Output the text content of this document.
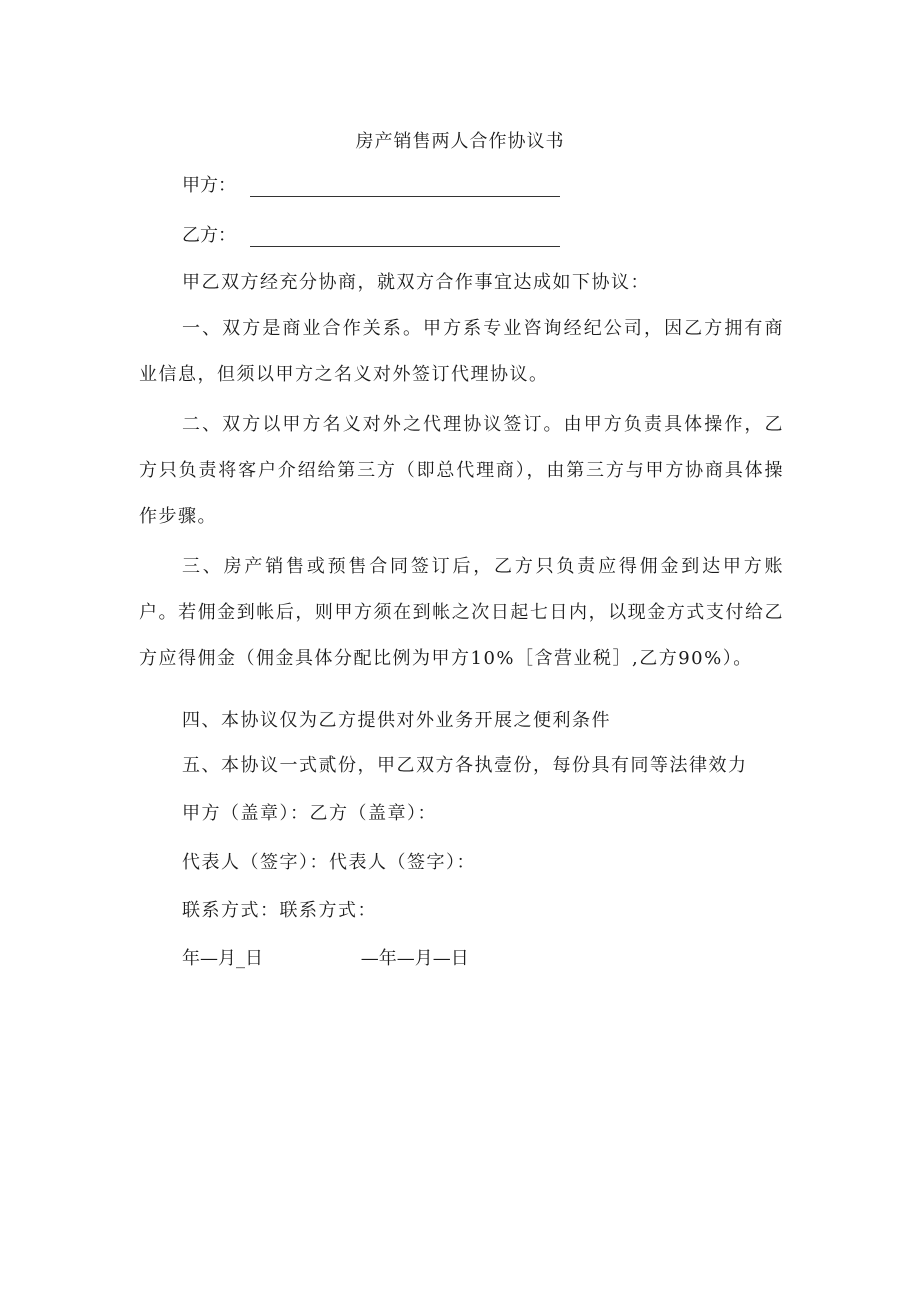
房产销售两人合作协议书
甲方：
乙方：

甲乙双方经充分协商，就双方合作事宜达成如下协议：

一、双方是商业合作关系。甲方系专业咨询经纪公司，因乙方拥有商业信息，但须以甲方之名义对外签订代理协议。

二、双方以甲方名义对外之代理协议签订。由甲方负责具体操作，乙方只负责将客户介绍给第三方（即总代理商），由第三方与甲方协商具体操作步骤。

三、房产销售或预售合同签订后，乙方只负责应得佣金到达甲方账户。若佣金到帐后，则甲方须在到帐之次日起七日内，以现金方式支付给乙方应得佣金（佣金具体分配比例为甲方10%［含营业税］,乙方90%）。

四、本协议仅为乙方提供对外业务开展之便利条件

五、本协议一式贰份，甲乙双方各执壹份，每份具有同等法律效力

甲方（盖章）：乙方（盖章）：

代表人（签字）：代表人（签字）：

联系方式：联系方式：

年—月_日	—年—月—日
